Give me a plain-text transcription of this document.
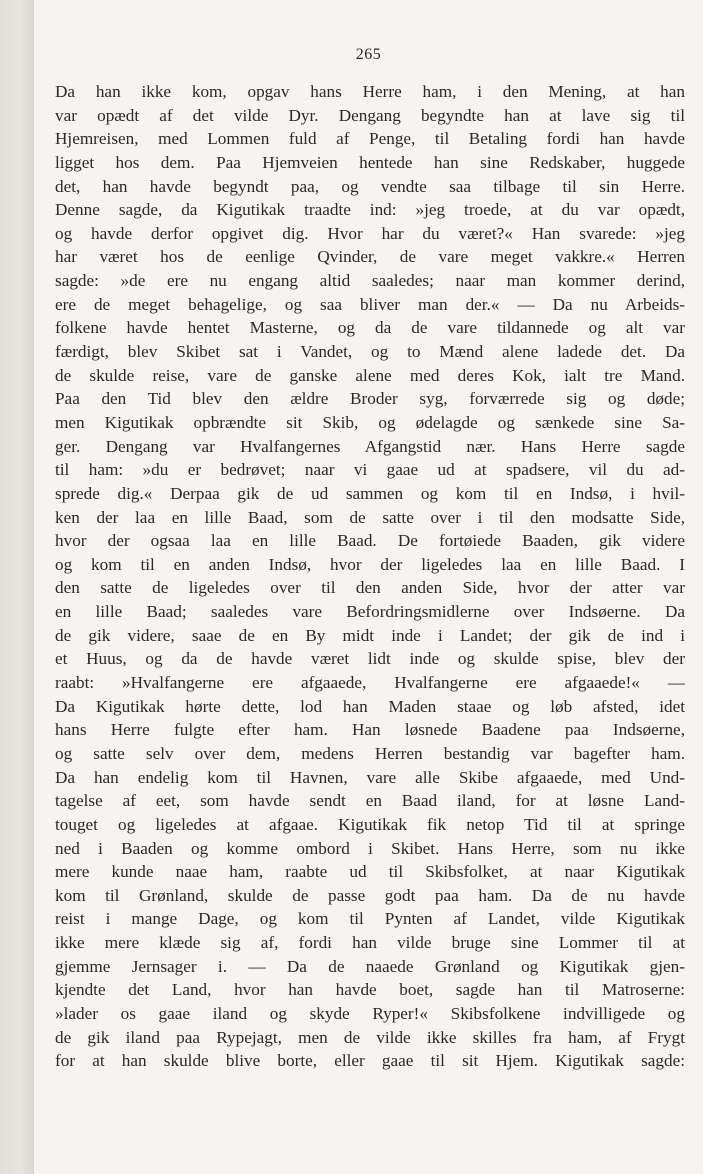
265
Da han ikke kom, opgav hans Herre ham, i den Mening, at han
var opædt af det vilde Dyr. Dengang begyndte han at lave sig til
Hjemreisen, med Lommen fuld af Penge, til Betaling fordi han havde
ligget hos dem. Paa Hjemveien hentede han sine Redskaber, huggede
det, han havde begyndt paa, og vendte saa tilbage til sin Herre.
Denne sagde, da Kigutikak traadte ind: »jeg troede, at du var opædt,
og havde derfor opgivet dig. Hvor har du været?« Han svarede: »jeg
har været hos de eenlige Qvinder, de vare meget vakkre.« Herren
sagde: »de ere nu engang altid saaledes; naar man kommer derind,
ere de meget behagelige, og saa bliver man der.« — Da nu Arbeids-
folkene havde hentet Masterne, og da de vare tildannede og alt var
færdigt, blev Skibet sat i Vandet, og to Mænd alene ladede det. Da
de skulde reise, vare de ganske alene med deres Kok, ialt tre Mand.
Paa den Tid blev den ældre Broder syg, forværrede sig og døde;
men Kigutikak opbrændte sit Skib, og ødelagde og sænkede sine Sa-
ger. Dengang var Hvalfangernes Afgangstid nær. Hans Herre sagde
til ham: »du er bedrøvet; naar vi gaae ud at spadsere, vil du ad-
sprede dig.« Derpaa gik de ud sammen og kom til en Indsø, i hvil-
ken der laa en lille Baad, som de satte over i til den modsatte Side,
hvor der ogsaa laa en lille Baad. De fortøiede Baaden, gik videre
og kom til en anden Indsø, hvor der ligeledes laa en lille Baad. I
den satte de ligeledes over til den anden Side, hvor der atter var
en lille Baad; saaledes vare Befordringsmidlerne over Indsøerne. Da
de gik videre, saae de en By midt inde i Landet; der gik de ind i
et Huus, og da de havde været lidt inde og skulde spise, blev der
raabt: »Hvalfangerne ere afgaaede, Hvalfangerne ere afgaaede!« —
Da Kigutikak hørte dette, lod han Maden staae og løb afsted, idet
hans Herre fulgte efter ham. Han løsnede Baadene paa Indsøerne,
og satte selv over dem, medens Herren bestandig var bagefter ham.
Da han endelig kom til Havnen, vare alle Skibe afgaaede, med Und-
tagelse af eet, som havde sendt en Baad iland, for at løsne Land-
touget og ligeledes at afgaae. Kigutikak fik netop Tid til at springe
ned i Baaden og komme ombord i Skibet. Hans Herre, som nu ikke
mere kunde naae ham, raabte ud til Skibsfolket, at naar Kigutikak
kom til Grønland, skulde de passe godt paa ham. Da de nu havde
reist i mange Dage, og kom til Pynten af Landet, vilde Kigutikak
ikke mere klæde sig af, fordi han vilde bruge sine Lommer til at
gjemme Jernsager i. — Da de naaede Grønland og Kigutikak gjen-
kjendte det Land, hvor han havde boet, sagde han til Matroserne:
»lader os gaae iland og skyde Ryper!« Skibsfolkene indvilligede og
de gik iland paa Rypejagt, men de vilde ikke skilles fra ham, af Frygt
for at han skulde blive borte, eller gaae til sit Hjem. Kigutikak sagde:
